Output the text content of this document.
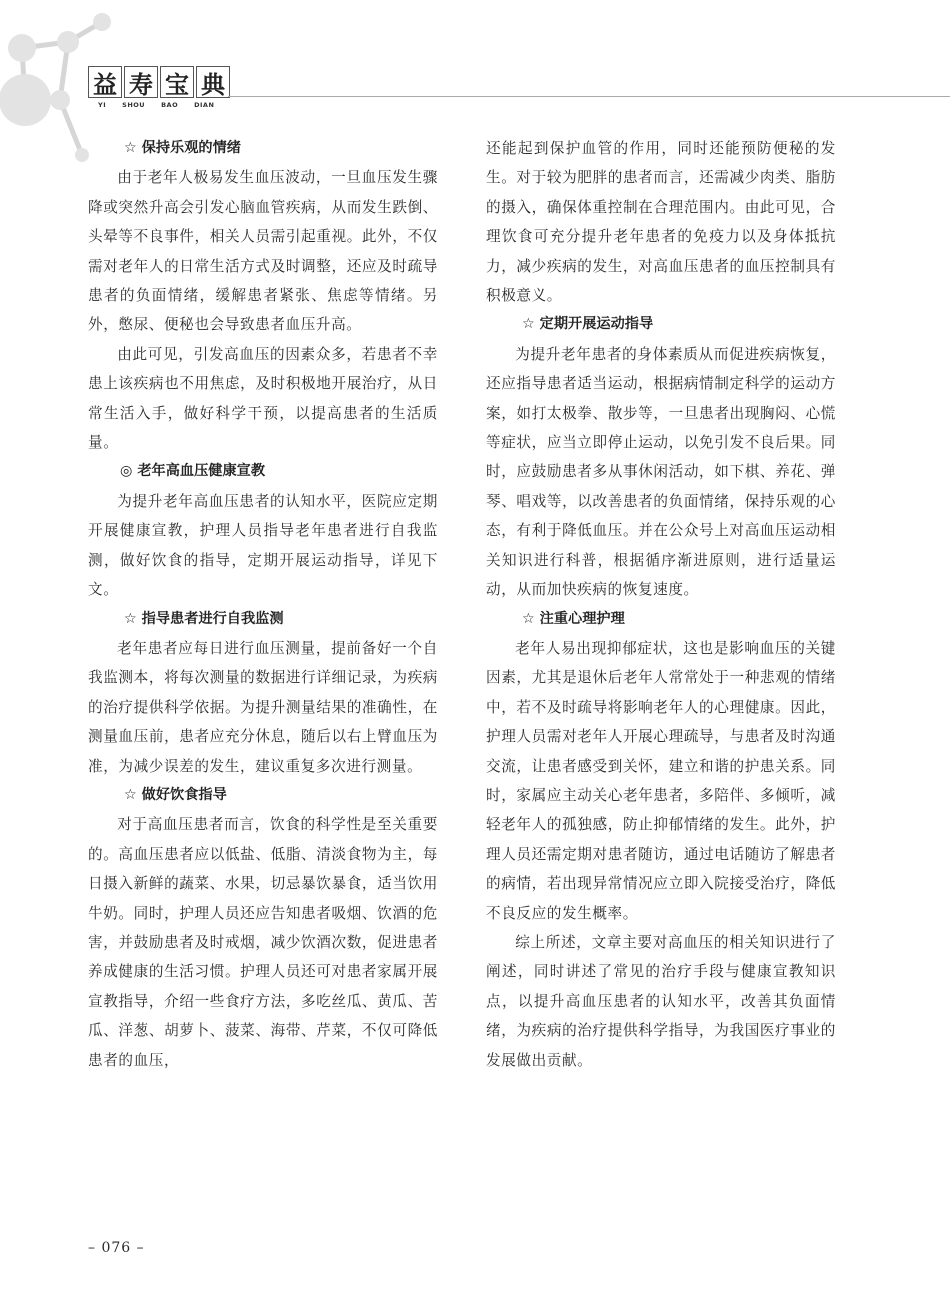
益 寿 宝 典
YI SHOU BAO DIAN

☆ 保持乐观的情绪

由于老年人极易发生血压波动，一旦血压发生骤降或突然升高会引发心脑血管疾病，从而发生跌倒、头晕等不良事件，相关人员需引起重视。此外，不仅需对老年人的日常生活方式及时调整，还应及时疏导患者的负面情绪，缓解患者紧张、焦虑等情绪。另外，憋尿、便秘也会导致患者血压升高。

由此可见，引发高血压的因素众多，若患者不幸患上该疾病也不用焦虑，及时积极地开展治疗，从日常生活入手，做好科学干预，以提高患者的生活质量。

◎ 老年高血压健康宣教

为提升老年高血压患者的认知水平，医院应定期开展健康宣教，护理人员指导老年患者进行自我监测，做好饮食的指导，定期开展运动指导，详见下文。

☆ 指导患者进行自我监测

老年患者应每日进行血压测量，提前备好一个自我监测本，将每次测量的数据进行详细记录，为疾病的治疗提供科学依据。为提升测量结果的准确性，在测量血压前，患者应充分休息，随后以右上臂血压为准，为减少误差的发生，建议重复多次进行测量。

☆ 做好饮食指导

对于高血压患者而言，饮食的科学性是至关重要的。高血压患者应以低盐、低脂、清淡食物为主，每日摄入新鲜的蔬菜、水果，切忌暴饮暴食，适当饮用牛奶。同时，护理人员还应告知患者吸烟、饮酒的危害，并鼓励患者及时戒烟，减少饮酒次数，促进患者养成健康的生活习惯。护理人员还可对患者家属开展宣教指导，介绍一些食疗方法，多吃丝瓜、黄瓜、苦瓜、洋葱、胡萝卜、菠菜、海带、芹菜，不仅可降低患者的血压，

还能起到保护血管的作用，同时还能预防便秘的发生。对于较为肥胖的患者而言，还需减少肉类、脂肪的摄入，确保体重控制在合理范围内。由此可见，合理饮食可充分提升老年患者的免疫力以及身体抵抗力，减少疾病的发生，对高血压患者的血压控制具有积极意义。

☆ 定期开展运动指导

为提升老年患者的身体素质从而促进疾病恢复，还应指导患者适当运动，根据病情制定科学的运动方案，如打太极拳、散步等，一旦患者出现胸闷、心慌等症状，应当立即停止运动，以免引发不良后果。同时，应鼓励患者多从事休闲活动，如下棋、养花、弹琴、唱戏等，以改善患者的负面情绪，保持乐观的心态，有利于降低血压。并在公众号上对高血压运动相关知识进行科普，根据循序渐进原则，进行适量运动，从而加快疾病的恢复速度。

☆ 注重心理护理

老年人易出现抑郁症状，这也是影响血压的关键因素，尤其是退休后老年人常常处于一种悲观的情绪中，若不及时疏导将影响老年人的心理健康。因此，护理人员需对老年人开展心理疏导，与患者及时沟通交流，让患者感受到关怀，建立和谐的护患关系。同时，家属应主动关心老年患者，多陪伴、多倾听，减轻老年人的孤独感，防止抑郁情绪的发生。此外，护理人员还需定期对患者随访，通过电话随访了解患者的病情，若出现异常情况应立即入院接受治疗，降低不良反应的发生概率。

综上所述，文章主要对高血压的相关知识进行了阐述，同时讲述了常见的治疗手段与健康宣教知识点，以提升高血压患者的认知水平，改善其负面情绪，为疾病的治疗提供科学指导，为我国医疗事业的发展做出贡献。

– 076 –
